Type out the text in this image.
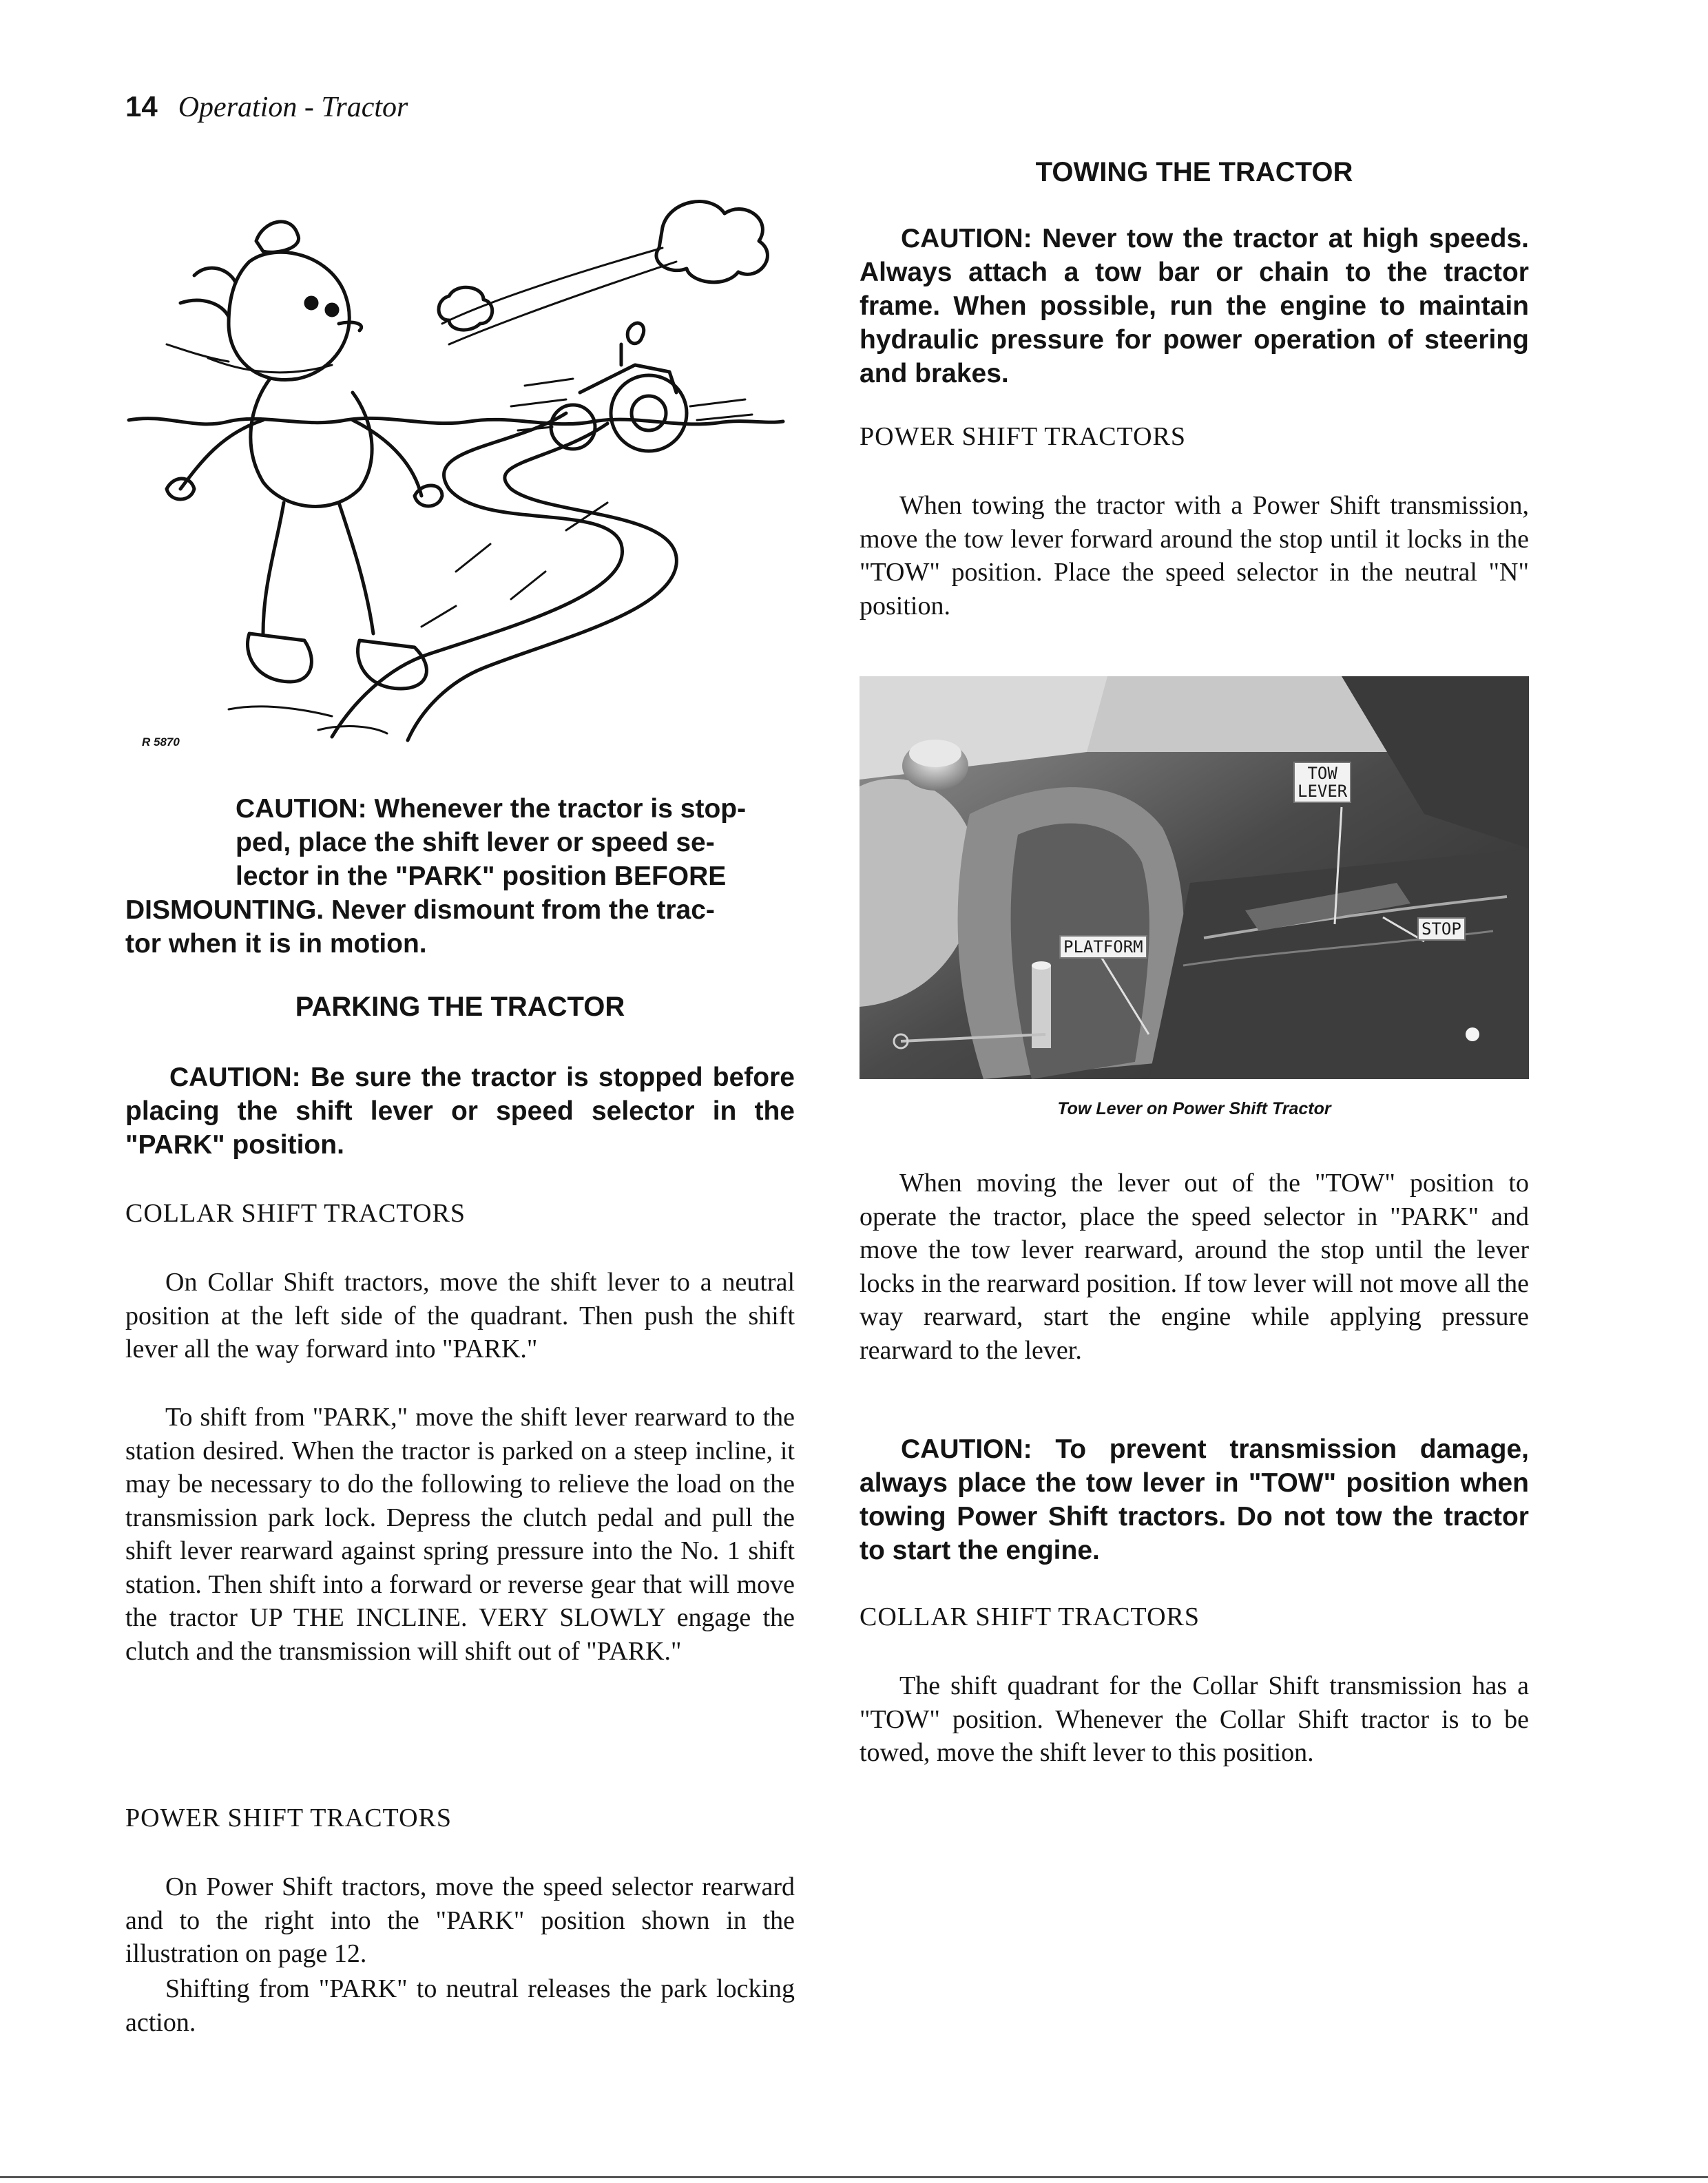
14 Operation - Tractor
R 5870
CAUTION: Whenever the tractor is stop-
ped, place the shift lever or speed se-
lector in the "PARK" position BEFORE
DISMOUNTING. Never dismount from the trac-
tor when it is in motion.
PARKING THE TRACTOR

CAUTION: Be sure the tractor is stopped before placing the shift lever or speed selector in the "PARK" position.

COLLAR SHIFT TRACTORS

On Collar Shift tractors, move the shift lever to a neutral position at the left side of the quadrant. Then push the shift lever all the way forward into "PARK."

To shift from "PARK," move the shift lever rearward to the station desired. When the tractor is parked on a steep incline, it may be necessary to do the following to relieve the load on the transmission park lock. Depress the clutch pedal and pull the shift lever rearward against spring pressure into the No. 1 shift station. Then shift into a forward or reverse gear that will move the tractor UP THE INCLINE. VERY SLOWLY engage the clutch and the transmission will shift out of "PARK."

POWER SHIFT TRACTORS

On Power Shift tractors, move the speed selector rearward and to the right into the "PARK" position shown in the illustration on page 12.

Shifting from "PARK" to neutral releases the park locking action.

TOWING THE TRACTOR

CAUTION: Never tow the tractor at high speeds. Always attach a tow bar or chain to the tractor frame. When possible, run the engine to maintain hydraulic pressure for power operation of steering and brakes.

POWER SHIFT TRACTORS

When towing the tractor with a Power Shift transmission, move the tow lever forward around the stop until it locks in the "TOW" position. Place the speed selector in the neutral "N" position.

TOW
LEVER
PLATFORM
STOP
Tow Lever on Power Shift Tractor

When moving the lever out of the "TOW" position to operate the tractor, place the speed selector in "PARK" and move the tow lever rearward, around the stop until the lever locks in the rearward position. If tow lever will not move all the way rearward, start the engine while applying pressure rearward to the lever.

CAUTION: To prevent transmission damage, always place the tow lever in "TOW" position when towing Power Shift tractors. Do not tow the tractor to start the engine.

COLLAR SHIFT TRACTORS

The shift quadrant for the Collar Shift transmission has a "TOW" position. Whenever the Collar Shift tractor is to be towed, move the shift lever to this position.
